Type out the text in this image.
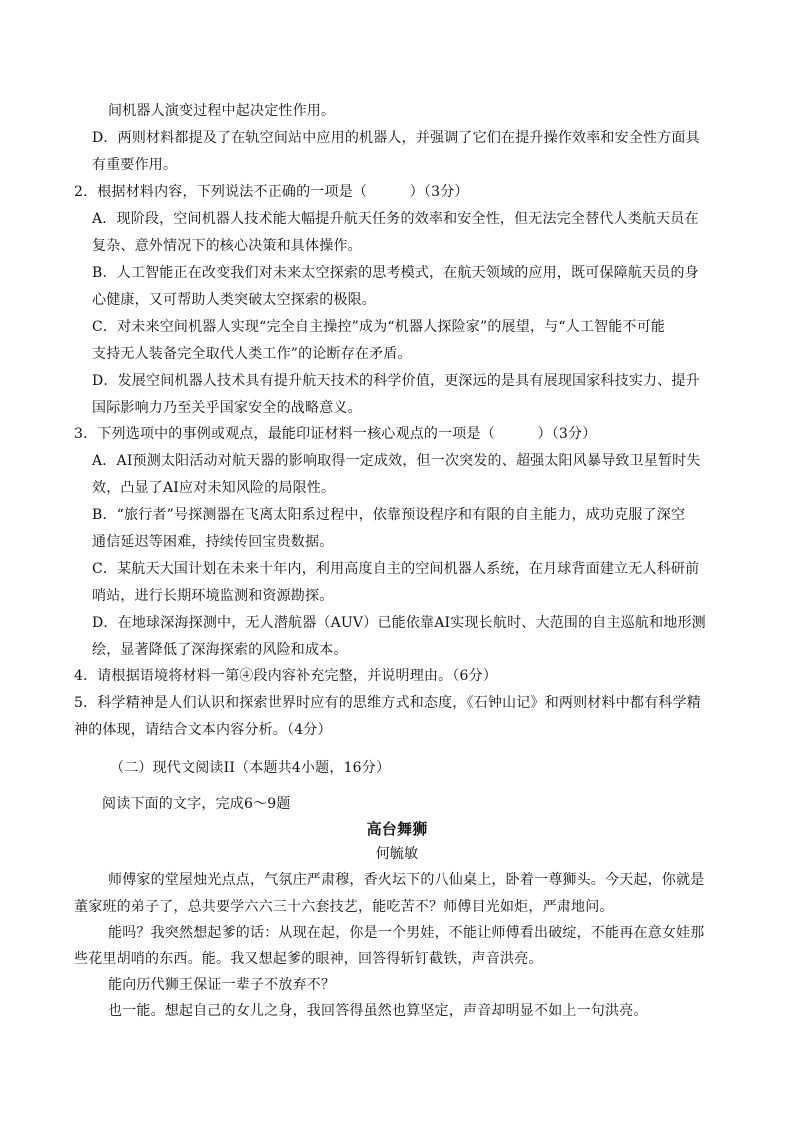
间机器人演变过程中起决定性作用。
D．两则材料都提及了在轨空间站中应用的机器人，并强调了它们在提升操作效率和安全性方面具
有重要作用。
2．根据材料内容，下列说法不正确的一项是（　　　）（3分）
A．现阶段，空间机器人技术能大幅提升航天任务的效率和安全性，但无法完全替代人类航天员在
复杂、意外情况下的核心决策和具体操作。
B．人工智能正在改变我们对未来太空探索的思考模式，在航天领域的应用，既可保障航天员的身
心健康，又可帮助人类突破太空探索的极限。
C．对未来空间机器人实现“完全自主操控”成为“机器人探险家”的展望，与“人工智能不可能
支持无人装备完全取代人类工作”的论断存在矛盾。
D．发展空间机器人技术具有提升航天技术的科学价值，更深远的是具有展现国家科技实力、提升
国际影响力乃至关乎国家安全的战略意义。
3．下列选项中的事例或观点，最能印证材料一核心观点的一项是（　　　）（3分）
A．AI预测太阳活动对航天器的影响取得一定成效，但一次突发的、超强太阳风暴导致卫星暂时失
效，凸显了AI应对未知风险的局限性。
B．“旅行者”号探测器在飞离太阳系过程中，依靠预设程序和有限的自主能力，成功克服了深空
通信延迟等困难，持续传回宝贵数据。
C．某航天大国计划在未来十年内，利用高度自主的空间机器人系统，在月球背面建立无人科研前
哨站，进行长期环境监测和资源勘探。
D．在地球深海探测中，无人潜航器（AUV）已能依靠AI实现长航时、大范围的自主巡航和地形测
绘，显著降低了深海探索的风险和成本。
4．请根据语境将材料一第④段内容补充完整，并说明理由。（6分）
5．科学精神是人们认识和探索世界时应有的思维方式和态度，《石钟山记》和两则材料中都有科学精
神的体现，请结合文本内容分析。（4分）
（二）现代文阅读II（本题共4小题，16分）
阅读下面的文字，完成6～9题
高台舞狮
何毓敏
师傅家的堂屋烛光点点，气氛庄严肃穆，香火坛下的八仙桌上，卧着一尊狮头。今天起，你就是
董家班的弟子了，总共要学六六三十六套技艺，能吃苦不？师傅目光如炬，严肃地问。
能吗？我突然想起爹的话：从现在起，你是一个男娃，不能让师傅看出破绽，不能再在意女娃那
些花里胡哨的东西。能。我又想起爹的眼神，回答得斩钉截铁，声音洪亮。
能向历代狮王保证一辈子不放弃不？
也一能。想起自己的女儿之身，我回答得虽然也算坚定，声音却明显不如上一句洪亮。
